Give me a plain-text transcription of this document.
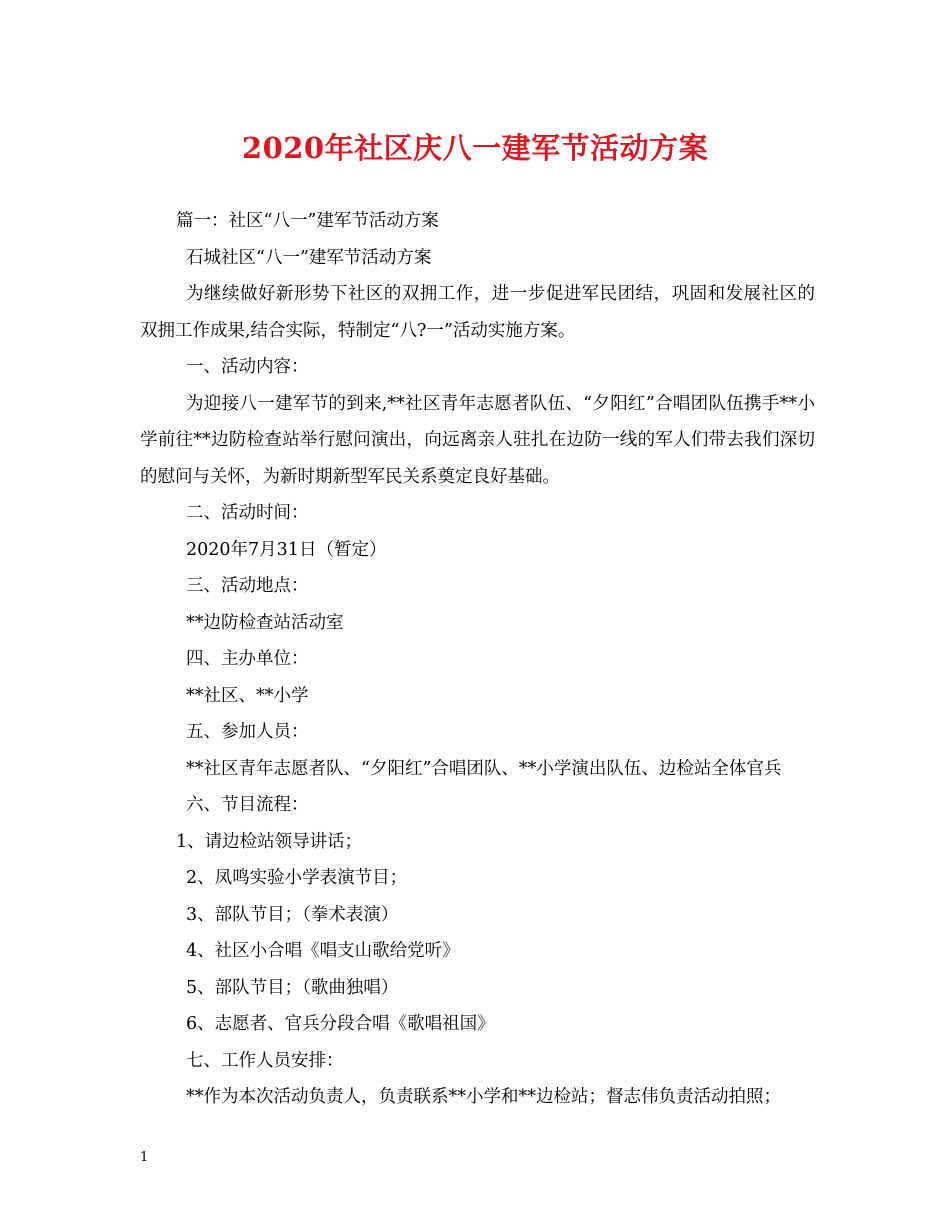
2020年社区庆八一建军节活动方案

篇一：社区“八一”建军节活动方案

石城社区“八一”建军节活动方案

为继续做好新形势下社区的双拥工作，进一步促进军民团结，巩固和发展社区的双拥工作成果,结合实际，特制定“八?一”活动实施方案。

一、活动内容：

为迎接八一建军节的到来,**社区青年志愿者队伍、“夕阳红”合唱团队伍携手**小学前往**边防检查站举行慰问演出，向远离亲人驻扎在边防一线的军人们带去我们深切的慰问与关怀，为新时期新型军民关系奠定良好基础。

二、活动时间：

2020年7月31日（暂定）

三、活动地点：

**边防检查站活动室

四、主办单位：

**社区、**小学

五、参加人员：

**社区青年志愿者队、“夕阳红”合唱团队、**小学演出队伍、边检站全体官兵

六、节目流程：

1、请边检站领导讲话；

2、凤鸣实验小学表演节目；

3、部队节目；（拳术表演）

4、社区小合唱《唱支山歌给党听》

5、部队节目；（歌曲独唱）

6、志愿者、官兵分段合唱《歌唱祖国》

七、工作人员安排：

**作为本次活动负责人，负责联系**小学和**边检站；督志伟负责活动拍照；

1
